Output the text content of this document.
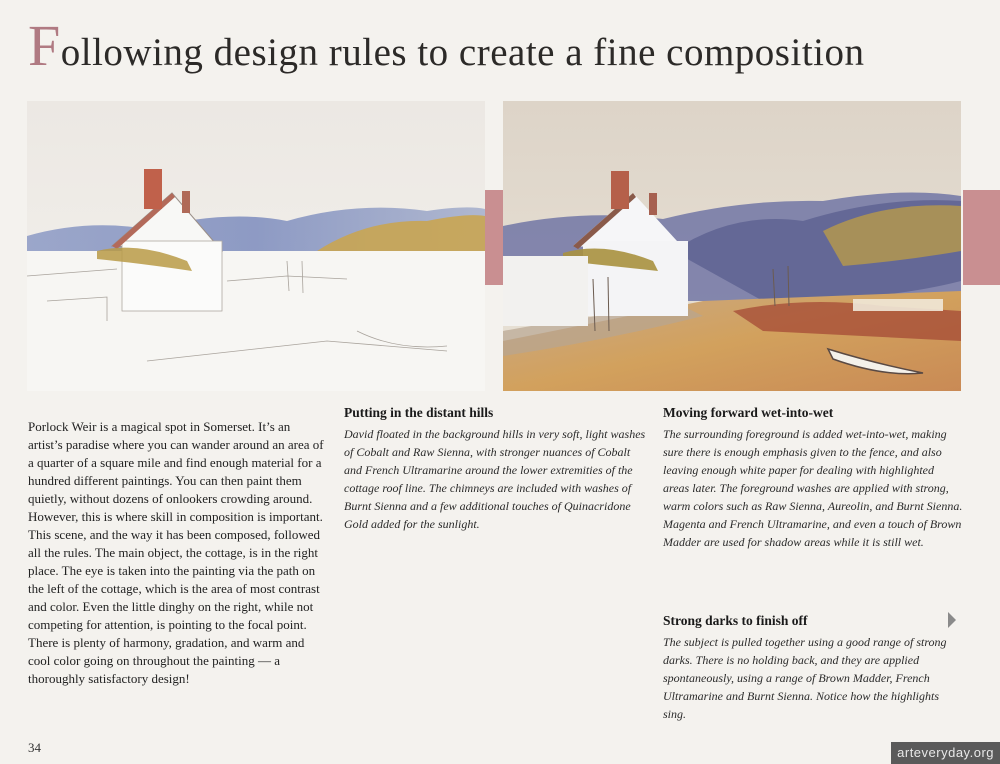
Following design rules to create a fine composition
Porlock Weir is a magical spot in Somerset. It’s an artist’s paradise where you can wander around an area of a quarter of a square mile and find enough material for a hundred different paintings. You can then paint them quietly, without dozens of onlookers crowding around. However, this is where skill in composition is important. This scene, and the way it has been composed, followed all the rules. The main object, the cottage, is in the right place. The eye is taken into the painting via the path on the left of the cottage, which is the area of most contrast and color. Even the little dinghy on the right, while not competing for attention, is pointing to the focal point. There is plenty of harmony, gradation, and warm and cool color going on throughout the painting — a thoroughly satisfactory design!
Putting in the distant hills

David floated in the background hills in very soft, light washes of Cobalt and Raw Sienna, with stronger nuances of Cobalt and French Ultramarine around the lower extremities of the cottage roof line. The chimneys are included with washes of Burnt Sienna and a few additional touches of Quinacridone Gold added for the sunlight.

Moving forward wet-into-wet

The surrounding foreground is added wet-into-wet, making sure there is enough emphasis given to the fence, and also leaving enough white paper for dealing with highlighted areas later. The foreground washes are applied with strong, warm colors such as Raw Sienna, Aureolin, and Burnt Sienna. Magenta and French Ultramarine, and even a touch of Brown Madder are used for shadow areas while it is still wet.

Strong darks to finish off

The subject is pulled together using a good range of strong darks. There is no holding back, and they are applied spontaneously, using a range of Brown Madder, French Ultramarine and Burnt Sienna. Notice how the highlights sing.

34	arteveryday.org
